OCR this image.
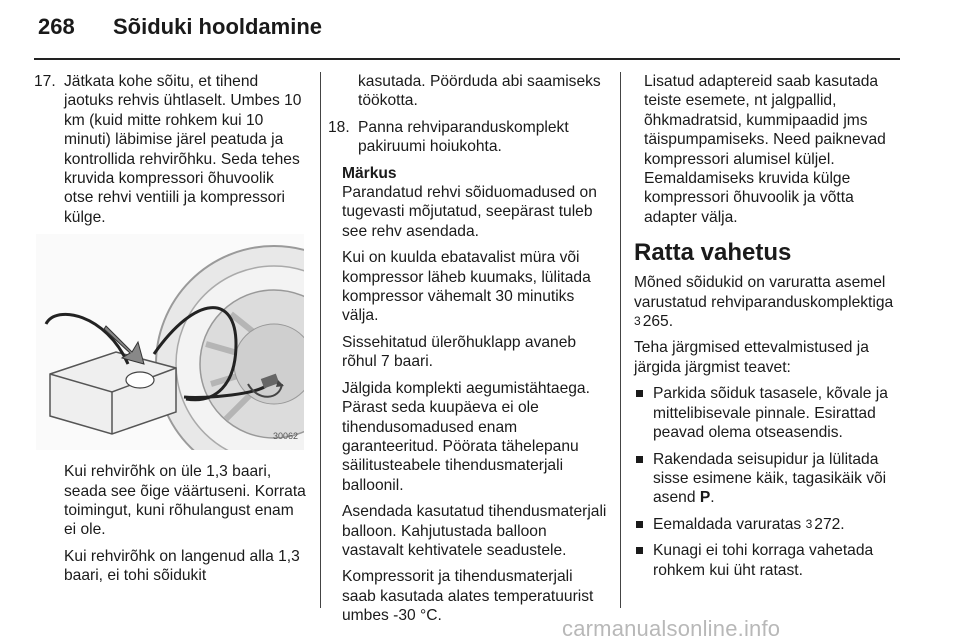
268 Sõiduki hooldamine
17. Jätkata kohe sõitu, et tihend jaotuks rehvis ühtlaselt. Umbes 10 km (kuid mitte rohkem kui 10 minuti) läbimise järel peatuda ja kontrollida rehvirõhku. Seda tehes kruvida kompressori õhuvoolik otse rehvi ventiili ja kompressori külge.
30062

Kui rehvirõhk on üle 1,3 baari, seada see õige väärtuseni. Korrata toimingut, kuni rõhulangust enam ei ole.

Kui rehvirõhk on langenud alla 1,3 baari, ei tohi sõidukit

kasutada. Pöörduda abi saamiseks töökotta.

18. Panna rehviparanduskomplekt pakiruumi hoiukohta.

Märkus

Parandatud rehvi sõiduomadused on tugevasti mõjutatud, seepärast tuleb see rehv asendada.

Kui on kuulda ebatavalist müra või kompressor läheb kuumaks, lülitada kompressor vähemalt 30 minutiks välja.

Sissehitatud ülerõhuklapp avaneb rõhul 7 baari.

Jälgida komplekti aegumistähtaega. Pärast seda kuupäeva ei ole tihendusomadused enam garanteeritud. Pöörata tähelepanu säilitusteabele tihendusmaterjali balloonil.

Asendada kasutatud tihendusmaterjali balloon. Kahjutustada balloon vastavalt kehtivatele seadustele.

Kompressorit ja tihendusmaterjali saab kasutada alates temperatuurist umbes -30 °C.

Lisatud adaptereid saab kasutada teiste esemete, nt jalgpallid, õhkmadratsid, kummipaadid jms täispumpamiseks. Need paiknevad kompressori alumisel küljel. Eemaldamiseks kruvida külge kompressori õhuvoolik ja võtta adapter välja.

Ratta vahetus

Mõned sõidukid on varuratta asemel varustatud rehviparanduskomplektiga 3 265.

Teha järgmised ettevalmistused ja järgida järgmist teavet:

Parkida sõiduk tasasele, kõvale ja mittelibisevale pinnale. Esirattad peavad olema otseasendis.
Rakendada seisupidur ja lülitada sisse esimene käik, tagasikäik või asend P.
Eemaldada varuratas 3 272.
Kunagi ei tohi korraga vahetada rohkem kui üht ratast.
carmanualsonline.info
